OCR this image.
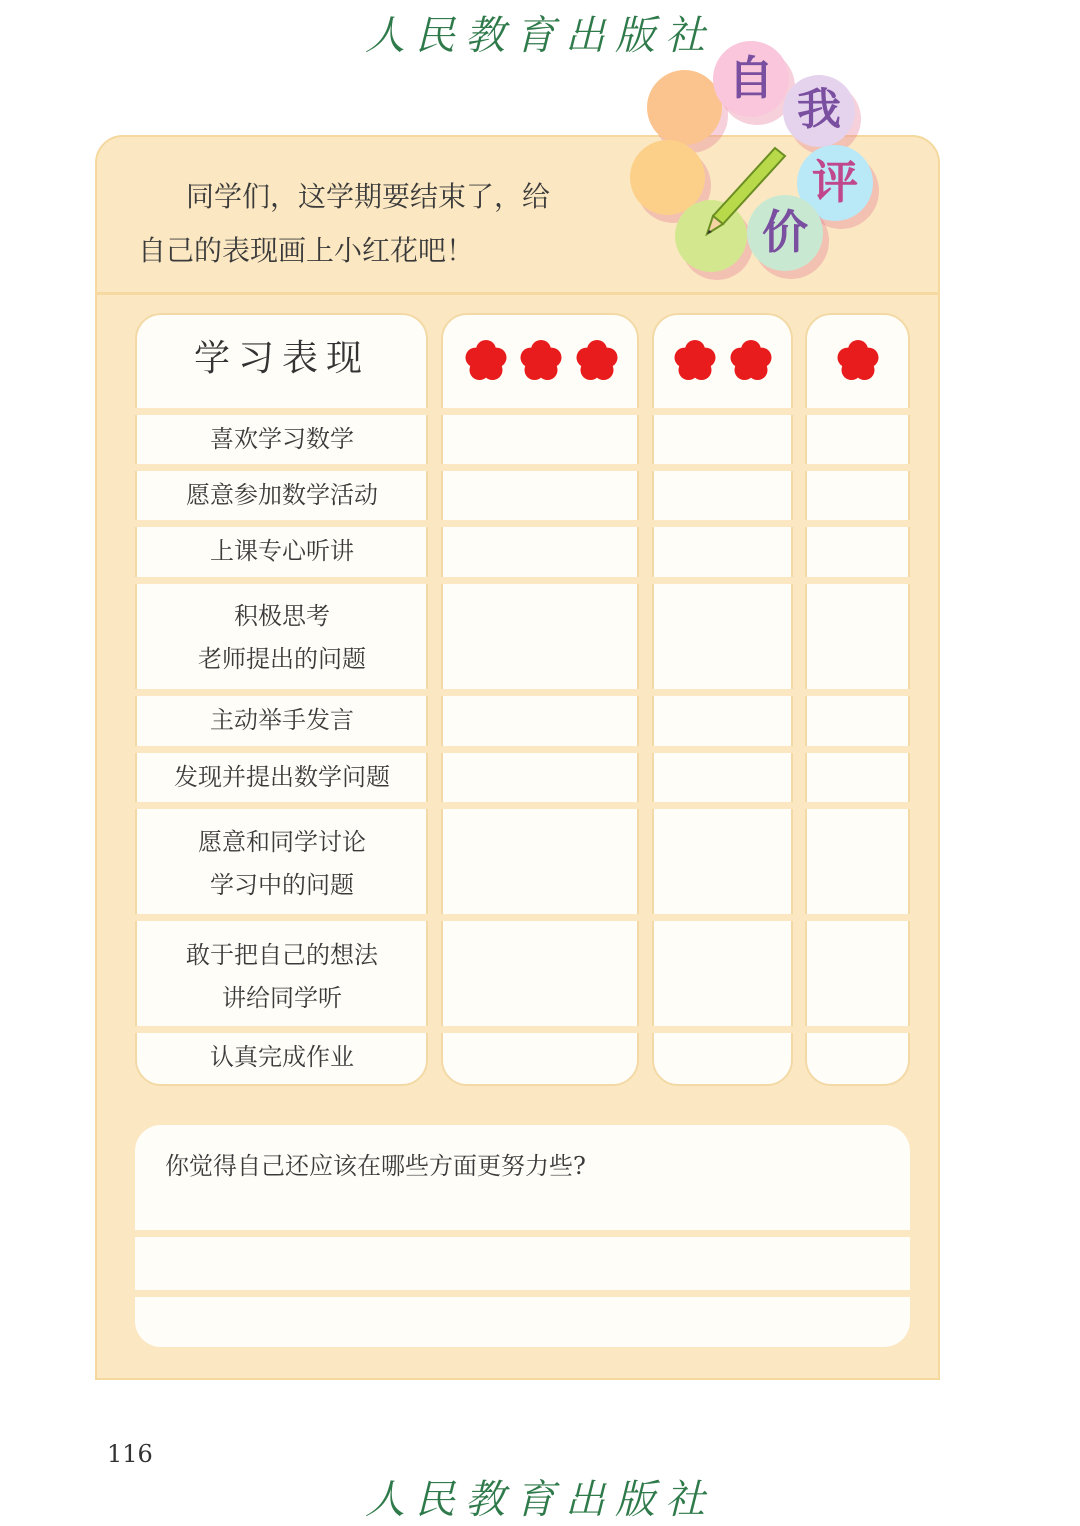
人民教育出版社
同学们，这学期要结束了，给
自己的表现画上小红花吧！
自
我
评
价
学习表现
喜欢学习数学
愿意参加数学活动
上课专心听讲
积极思考
老师提出的问题
主动举手发言
发现并提出数学问题
愿意和同学讨论
学习中的问题
敢于把自己的想法
讲给同学听
认真完成作业
你觉得自己还应该在哪些方面更努力些?
116
人民教育出版社
